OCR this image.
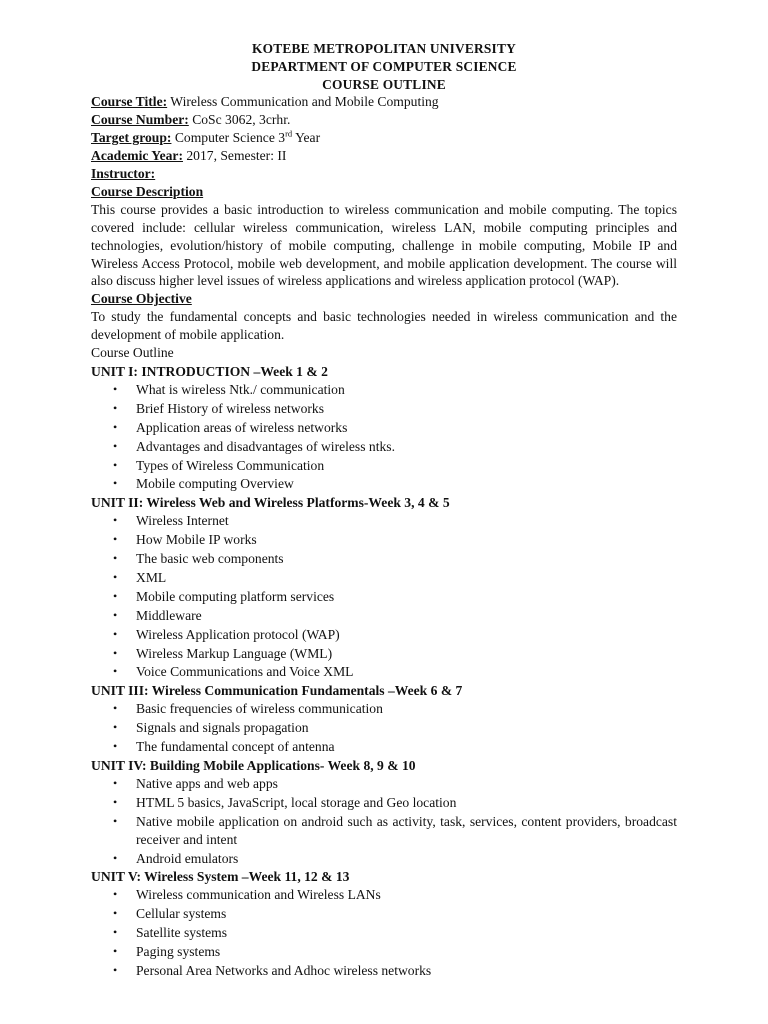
KOTEBE METROPOLITAN UNIVERSITY
DEPARTMENT OF COMPUTER SCIENCE
COURSE OUTLINE
Course Title: Wireless Communication and Mobile Computing
Course Number: CoSc 3062, 3crhr.
Target group: Computer Science 3rd Year
Academic Year: 2017, Semester: II
Instructor:
Course Description
This course provides a basic introduction to wireless communication and mobile computing. The topics covered include: cellular wireless communication, wireless LAN, mobile computing principles and technologies, evolution/history of mobile computing, challenge in mobile computing, Mobile IP and Wireless Access Protocol, mobile web development, and mobile application development. The course will also discuss higher level issues of wireless applications and wireless application protocol (WAP).
Course Objective
To study the fundamental concepts and basic technologies needed in wireless communication and the development of mobile application.
Course Outline
UNIT I: INTRODUCTION –Week 1 & 2
• What is wireless Ntk./ communication
• Brief History of wireless networks
• Application areas of wireless networks
• Advantages and disadvantages of wireless ntks.
• Types of Wireless Communication
• Mobile computing Overview
UNIT II: Wireless Web and Wireless Platforms-Week 3, 4 & 5
• Wireless Internet
• How Mobile IP works
• The basic web components
• XML
• Mobile computing platform services
• Middleware
• Wireless Application protocol (WAP)
• Wireless Markup Language (WML)
• Voice Communications and Voice XML
UNIT III: Wireless Communication Fundamentals –Week 6 & 7
• Basic frequencies of wireless communication
• Signals and signals propagation
• The fundamental concept of antenna
UNIT IV: Building Mobile Applications- Week 8, 9 & 10
• Native apps and web apps
• HTML 5 basics, JavaScript, local storage and Geo location
• Native mobile application on android such as activity, task, services, content providers, broadcast receiver and intent
• Android emulators
UNIT V: Wireless System –Week 11, 12 & 13
• Wireless communication and Wireless LANs
• Cellular systems
• Satellite systems
• Paging systems
• Personal Area Networks and Adhoc wireless networks
